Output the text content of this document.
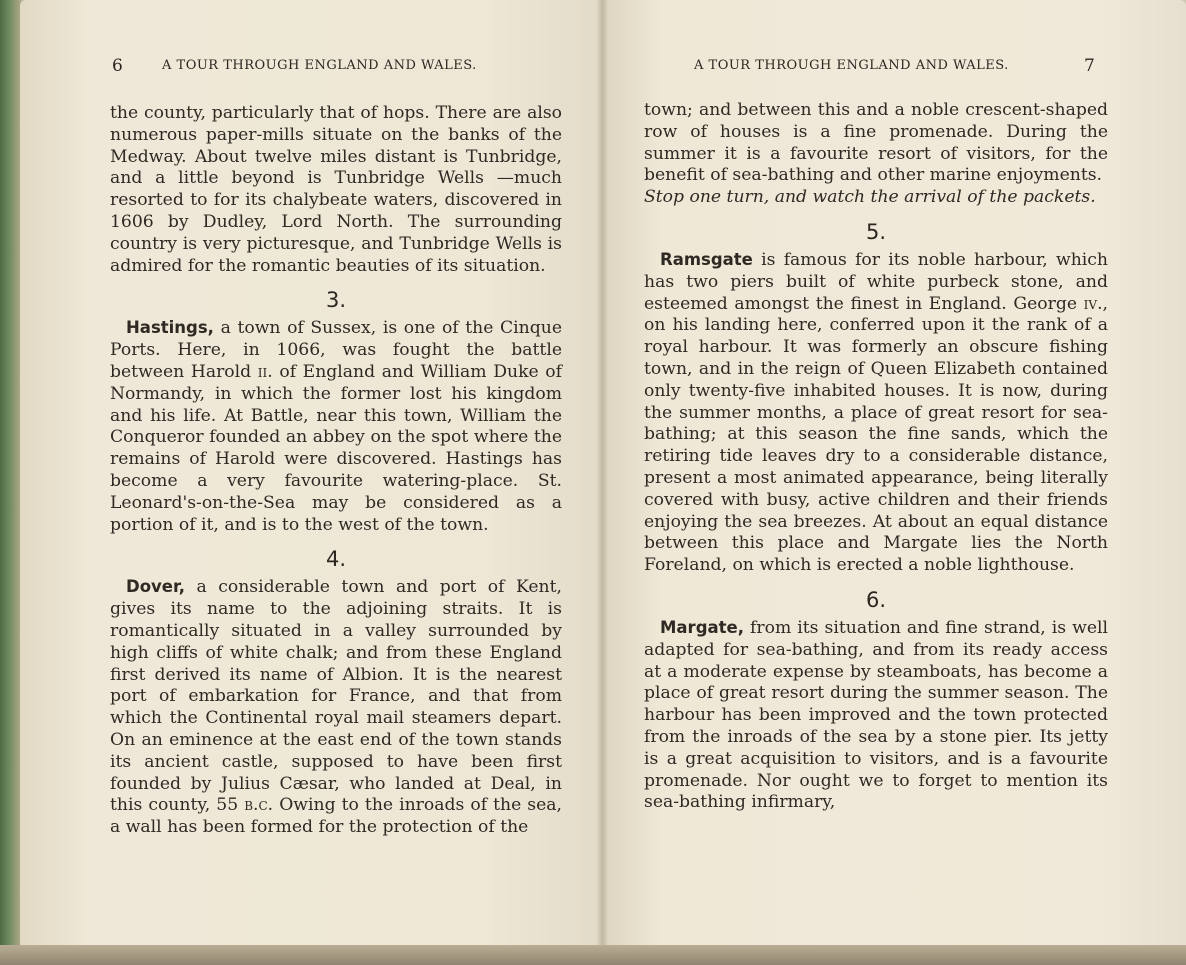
6	A TOUR THROUGH ENGLAND AND WALES.

the county, particularly that of hops. There are also numerous paper-mills situate on the banks of the Medway. About twelve miles distant is Tunbridge, and a little beyond is Tunbridge Wells —much resorted to for its chalybeate waters, discovered in 1606 by Dudley, Lord North. The surrounding country is very picturesque, and Tunbridge Wells is admired for the romantic beauties of its situation.

3.

Hastings, a town of Sussex, is one of the Cinque Ports. Here, in 1066, was fought the battle between Harold ii. of England and William Duke of Normandy, in which the former lost his kingdom and his life. At Battle, near this town, William the Conqueror founded an abbey on the spot where the remains of Harold were discovered. Hastings has become a very favourite watering-place. St. Leonard's-on-the-Sea may be considered as a portion of it, and is to the west of the town.

4.

Dover, a considerable town and port of Kent, gives its name to the adjoining straits. It is romantically situated in a valley surrounded by high cliffs of white chalk; and from these England first derived its name of Albion. It is the nearest port of embarkation for France, and that from which the Continental royal mail steamers depart. On an eminence at the east end of the town stands its ancient castle, supposed to have been first founded by Julius Cæsar, who landed at Deal, in this county, 55 b.c. Owing to the inroads of the sea, a wall has been formed for the protection of the

A TOUR THROUGH ENGLAND AND WALES.	7

town; and between this and a noble crescent-shaped row of houses is a fine promenade. During the summer it is a favourite resort of visitors, for the benefit of sea-bathing and other marine enjoyments.

Stop one turn, and watch the arrival of the packets.

5.

Ramsgate is famous for its noble harbour, which has two piers built of white purbeck stone, and esteemed amongst the finest in England. George iv., on his landing here, conferred upon it the rank of a royal harbour. It was formerly an obscure fishing town, and in the reign of Queen Elizabeth contained only twenty-five inhabited houses. It is now, during the summer months, a place of great resort for sea-bathing; at this season the fine sands, which the retiring tide leaves dry to a considerable distance, present a most animated appearance, being literally covered with busy, active children and their friends enjoying the sea breezes. At about an equal distance between this place and Margate lies the North Foreland, on which is erected a noble lighthouse.

6.

Margate, from its situation and fine strand, is well adapted for sea-bathing, and from its ready access at a moderate expense by steamboats, has become a place of great resort during the summer season. The harbour has been improved and the town protected from the inroads of the sea by a stone pier. Its jetty is a great acquisition to visitors, and is a favourite promenade. Nor ought we to forget to mention its sea-bathing infirmary,
